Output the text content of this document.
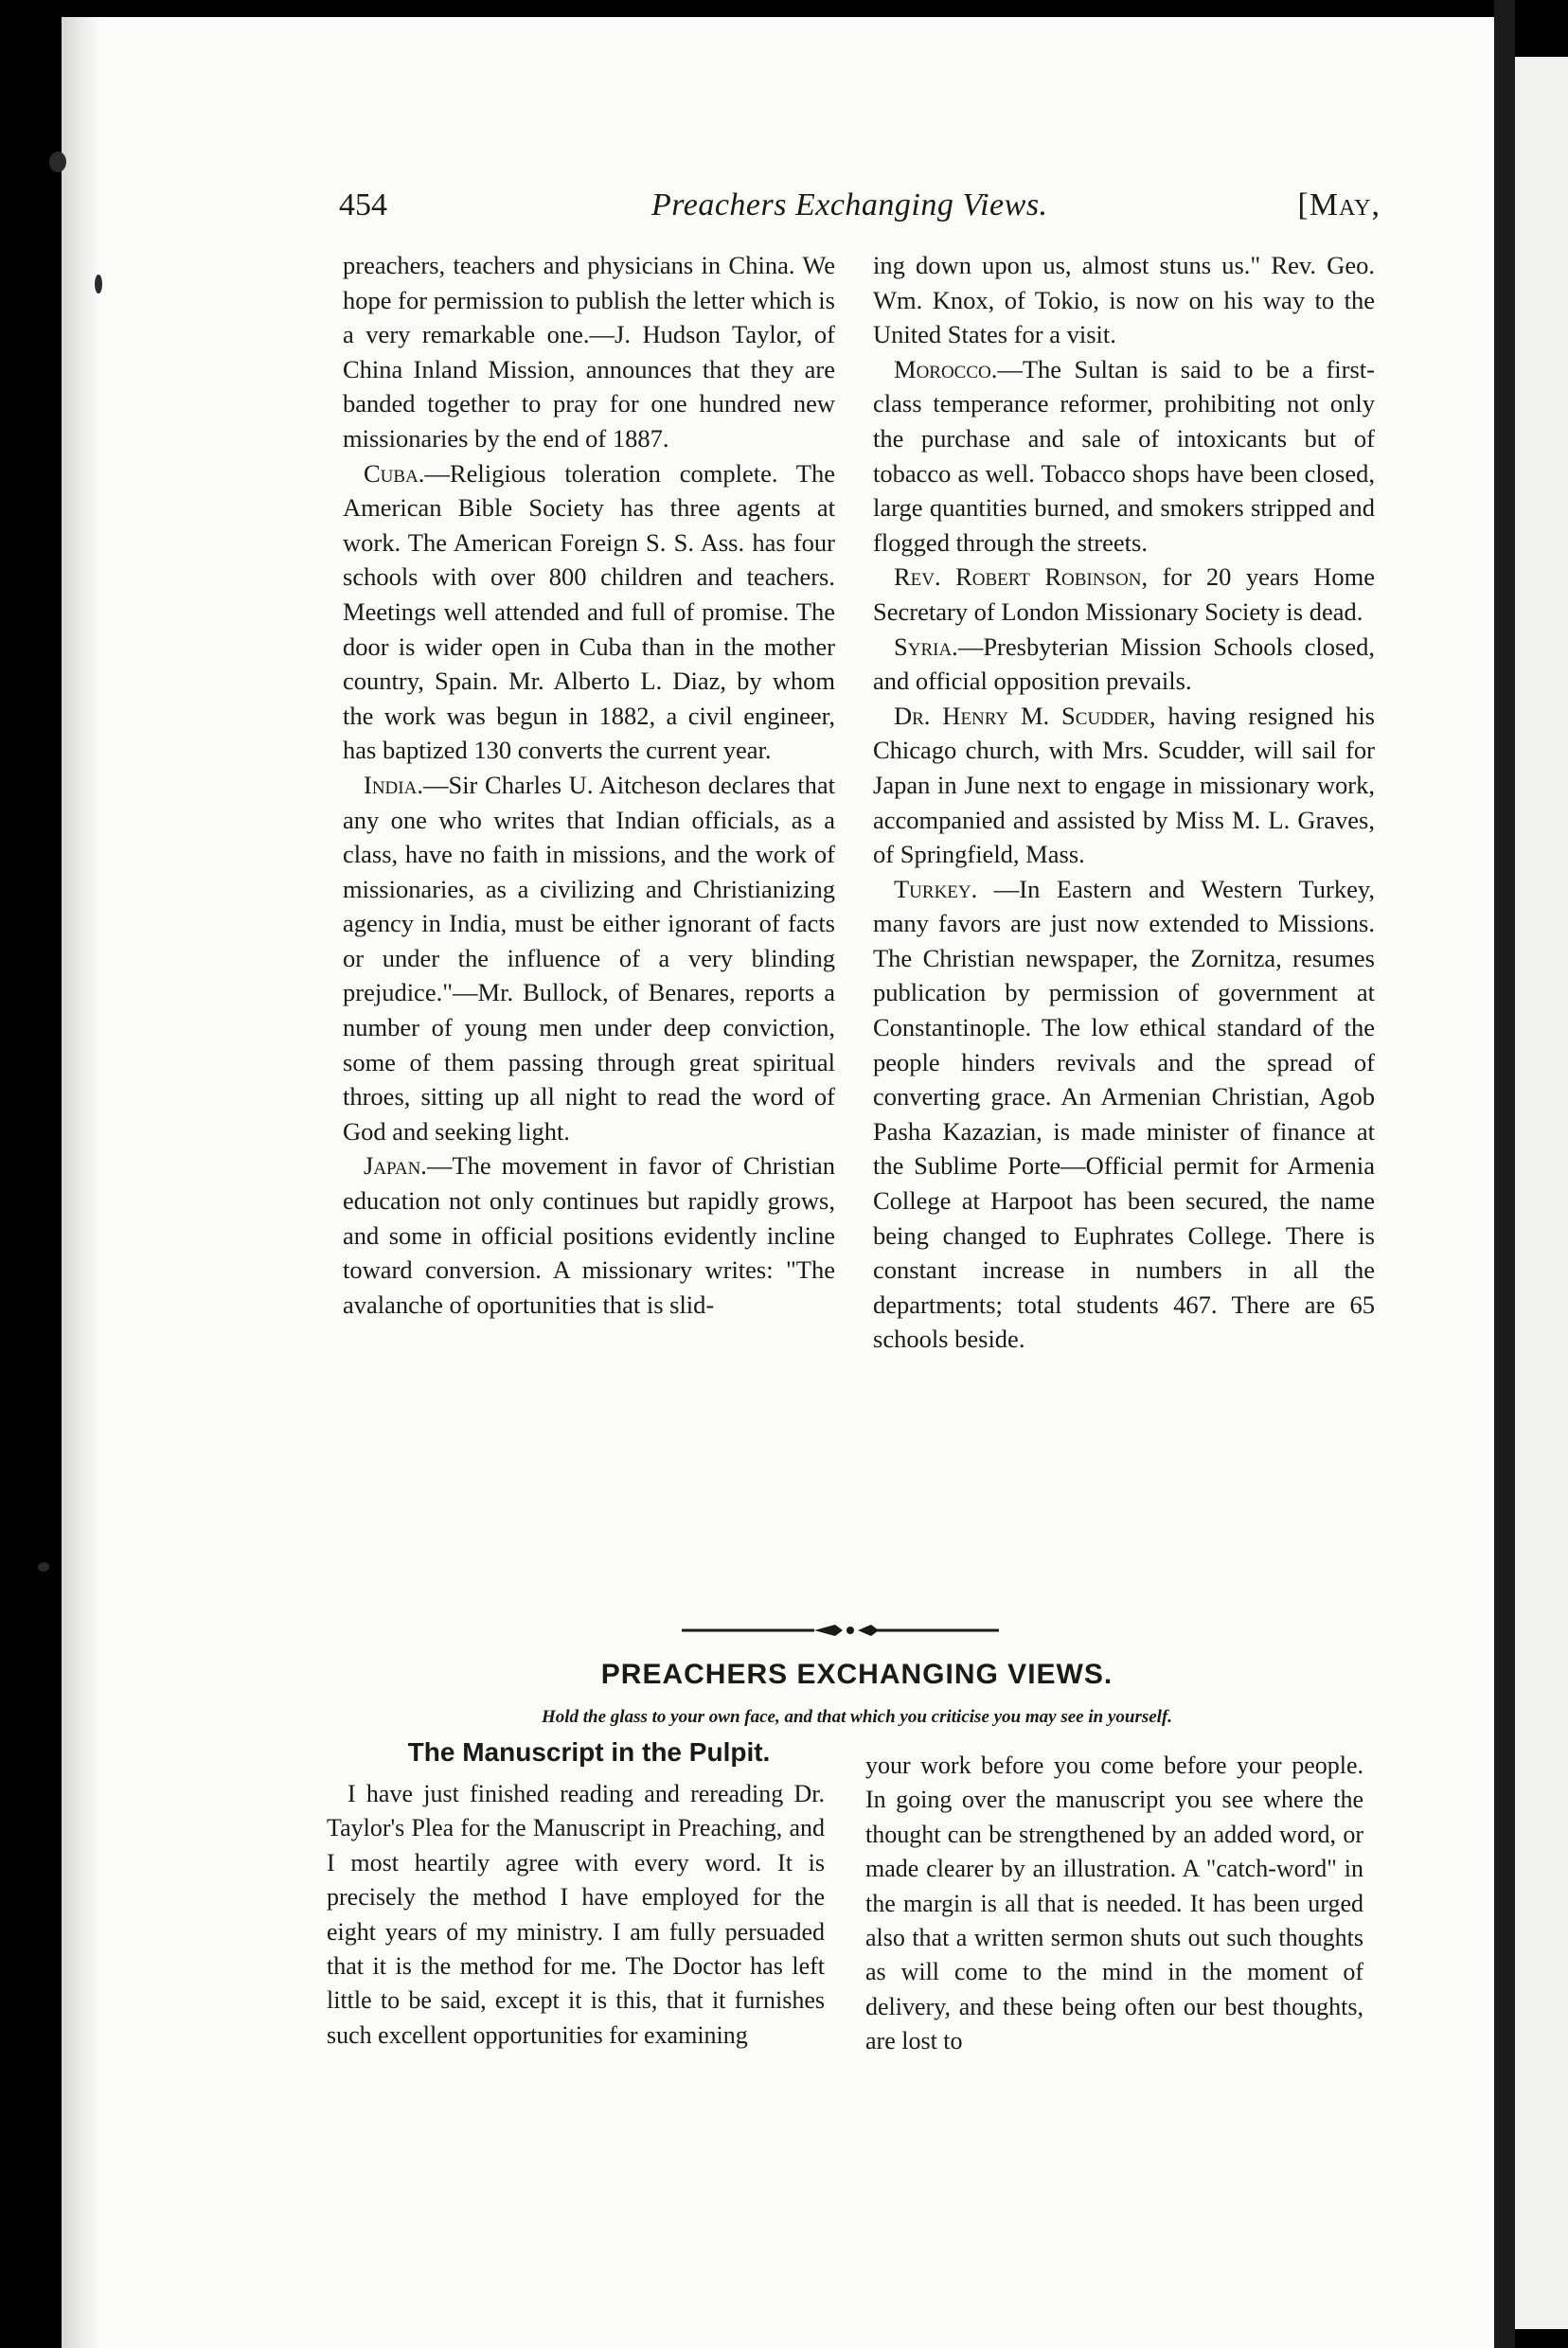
454	Preachers Exchanging Views.	[May,

preachers, teachers and physicians in China. We hope for permission to publish the letter which is a very remarkable one.—J. Hudson Taylor, of China Inland Mission, announces that they are banded together to pray for one hundred new missionaries by the end of 1887.

Cuba.—Religious toleration complete. The American Bible Society has three agents at work. The American Foreign S. S. Ass. has four schools with over 800 children and teachers. Meetings well attended and full of promise. The door is wider open in Cuba than in the mother country, Spain. Mr. Alberto L. Diaz, by whom the work was begun in 1882, a civil engineer, has baptized 130 converts the current year.

India.—Sir Charles U. Aitcheson declares that any one who writes that Indian officials, as a class, have no faith in missions, and the work of missionaries, as a civilizing and Christianizing agency in India, must be either ignorant of facts or under the influence of a very blinding prejudice."—Mr. Bullock, of Benares, reports a number of young men under deep conviction, some of them passing through great spiritual throes, sitting up all night to read the word of God and seeking light.

Japan.—The movement in favor of Christian education not only continues but rapidly grows, and some in official positions evidently incline toward conversion. A missionary writes: "The avalanche of oportunities that is slid-

ing down upon us, almost stuns us." Rev. Geo. Wm. Knox, of Tokio, is now on his way to the United States for a visit.

Morocco.—The Sultan is said to be a first-class temperance reformer, prohibiting not only the purchase and sale of intoxicants but of tobacco as well. Tobacco shops have been closed, large quantities burned, and smokers stripped and flogged through the streets.

Rev. Robert Robinson, for 20 years Home Secretary of London Missionary Society is dead.

Syria.—Presbyterian Mission Schools closed, and official opposition prevails.

Dr. Henry M. Scudder, having resigned his Chicago church, with Mrs. Scudder, will sail for Japan in June next to engage in missionary work, accompanied and assisted by Miss M. L. Graves, of Springfield, Mass.

Turkey. —In Eastern and Western Turkey, many favors are just now extended to Missions. The Christian newspaper, the Zornitza, resumes publication by permission of government at Constantinople. The low ethical standard of the people hinders revivals and the spread of converting grace. An Armenian Christian, Agob Pasha Kazazian, is made minister of finance at the Sublime Porte—Official permit for Armenia College at Harpoot has been secured, the name being changed to Euphrates College. There is constant increase in numbers in all the departments; total students 467. There are 65 schools beside.

PREACHERS EXCHANGING VIEWS.
Hold the glass to your own face, and that which you criticise you may see in yourself.
The Manuscript in the Pulpit.

I have just finished reading and rereading Dr. Taylor's Plea for the Manuscript in Preaching, and I most heartily agree with every word. It is precisely the method I have employed for the eight years of my ministry. I am fully persuaded that it is the method for me. The Doctor has left little to be said, except it is this, that it furnishes such excellent opportunities for examining

your work before you come before your people. In going over the manuscript you see where the thought can be strengthened by an added word, or made clearer by an illustration. A "catch-word" in the margin is all that is needed. It has been urged also that a written sermon shuts out such thoughts as will come to the mind in the moment of delivery, and these being often our best thoughts, are lost to
